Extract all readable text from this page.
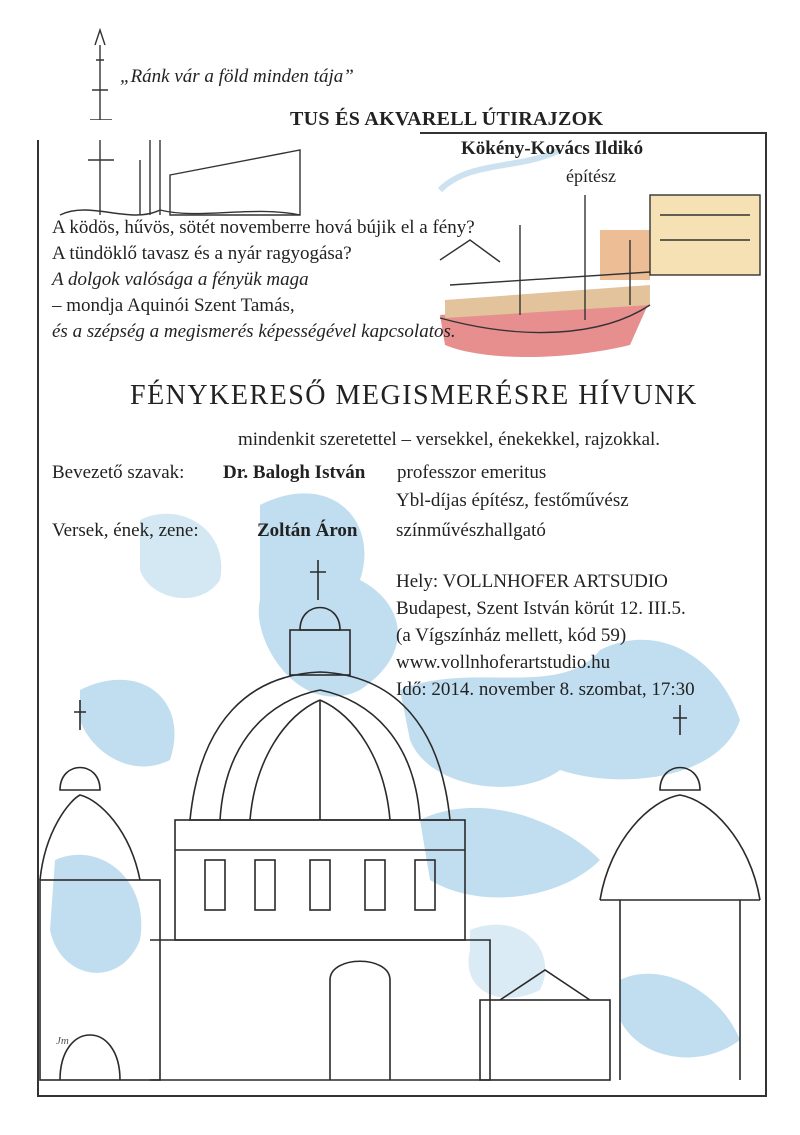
„Ránk vár a föld minden tája”
TUS ÉS AKVARELL ÚTIRAJZOK
Kökény-Kovács Ildikó
építész
A ködös, hűvös, sötét novemberre hová bújik el a fény?
A tündöklő tavasz és a nyár ragyogása?
A dolgok valósága a fényük maga
– mondja Aquinói Szent Tamás,
és a szépség a megismerés képességével kapcsolatos.
FÉNYKERESŐ MEGISMERÉSRE HÍVUNK
mindenkit szeretettel – versekkel, énekekkel, rajzokkal.
Bevezető szavak: Dr. Balogh István professzor emeritus
Ybl-díjas építész, festőművész
Versek, ének, zene:	Zoltán Áron színművészhallgató
Hely: VOLLNHOFER ARTSUDIO
Budapest, Szent István körút 12. III.5.
(a Vígszínház mellett, kód 59)
www.vollnhoferartstudio.hu
Idő: 2014. november 8. szombat, 17:30
Jm
